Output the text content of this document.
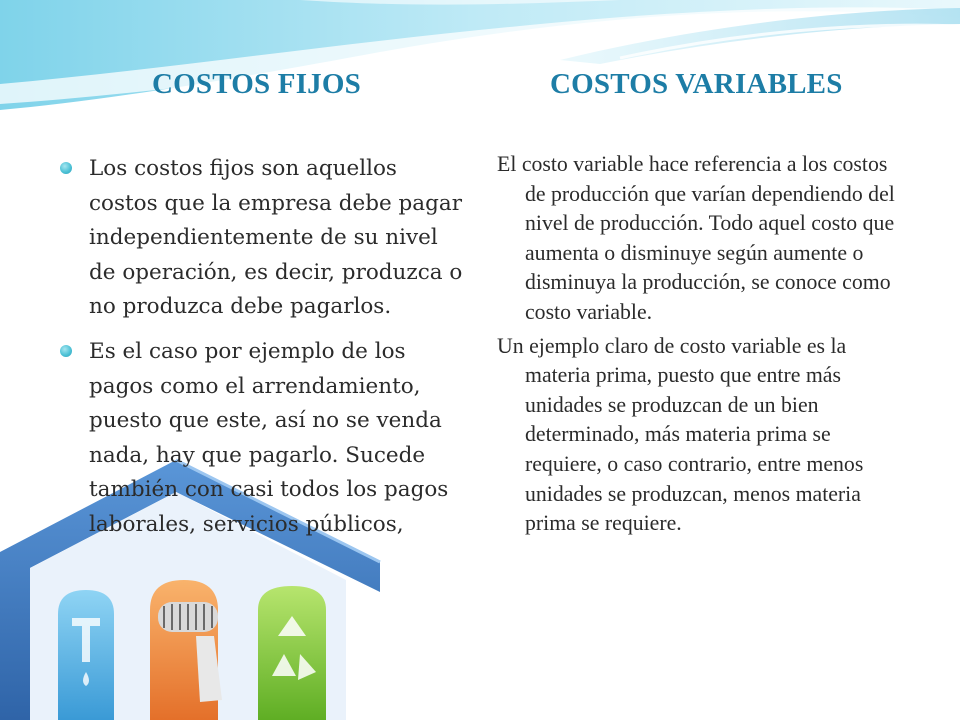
COSTOS FIJOS	COSTOS VARIABLES

Los costos fijos son aquellos costos que la empresa debe pagar independientemente de su nivel de operación, es decir, produzca o no produzca debe pagarlos.

Es el caso por ejemplo de los pagos como el arrendamiento, puesto que este, así no se venda nada, hay que pagarlo. Sucede también con casi todos los pagos laborales, servicios públicos,

El costo variable hace referencia a los costos de producción que varían dependiendo del nivel de producción. Todo aquel costo que aumenta o disminuye según aumente o disminuya la producción, se conoce como costo variable.

Un ejemplo claro de costo variable es la materia prima, puesto que entre más unidades se produzcan de un bien determinado, más materia prima se requiere, o caso contrario, entre menos unidades se produzcan, menos materia prima se requiere.
